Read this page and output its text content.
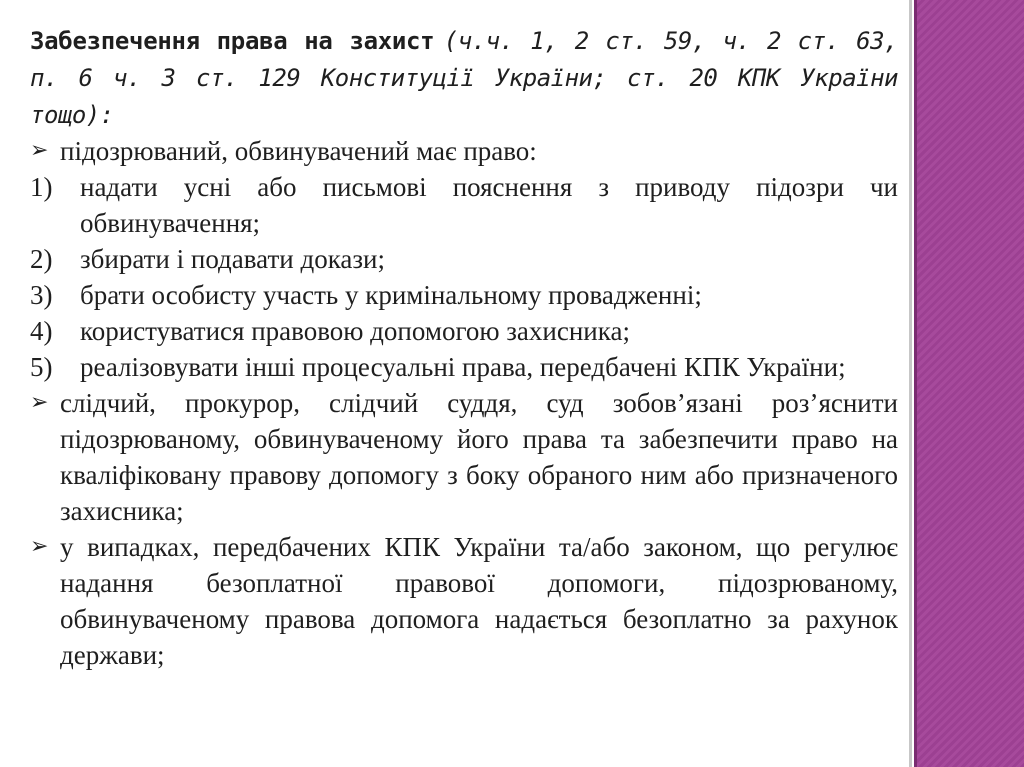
Забезпечення права на захист (ч.ч. 1, 2 ст. 59, ч. 2 ст. 63, п. 6 ч. 3 ст. 129 Конституції України; ст. 20 КПК України тощо):
➢ підозрюваний, обвинувачений має право:
1)	надати усні або письмові пояснення з приводу підозри чи обвинувачення;
2)	збирати і подавати докази;
3)	брати особисту участь у кримінальному провадженні;
4)	користуватися правовою допомогою захисника;
5)	реалізовувати інші процесуальні права, передбачені КПК України;
➢ слідчий, прокурор, слідчий суддя, суд зобов’язані роз’яснити підозрюваному, обвинуваченому його права та забезпечити право на кваліфіковану правову допомогу з боку обраного ним або призначеного захисника;
➢ у випадках, передбачених КПК України та/або законом, що регулює надання безоплатної правової допомоги, підозрюваному, обвинуваченому правова допомога надається безоплатно за рахунок держави;
